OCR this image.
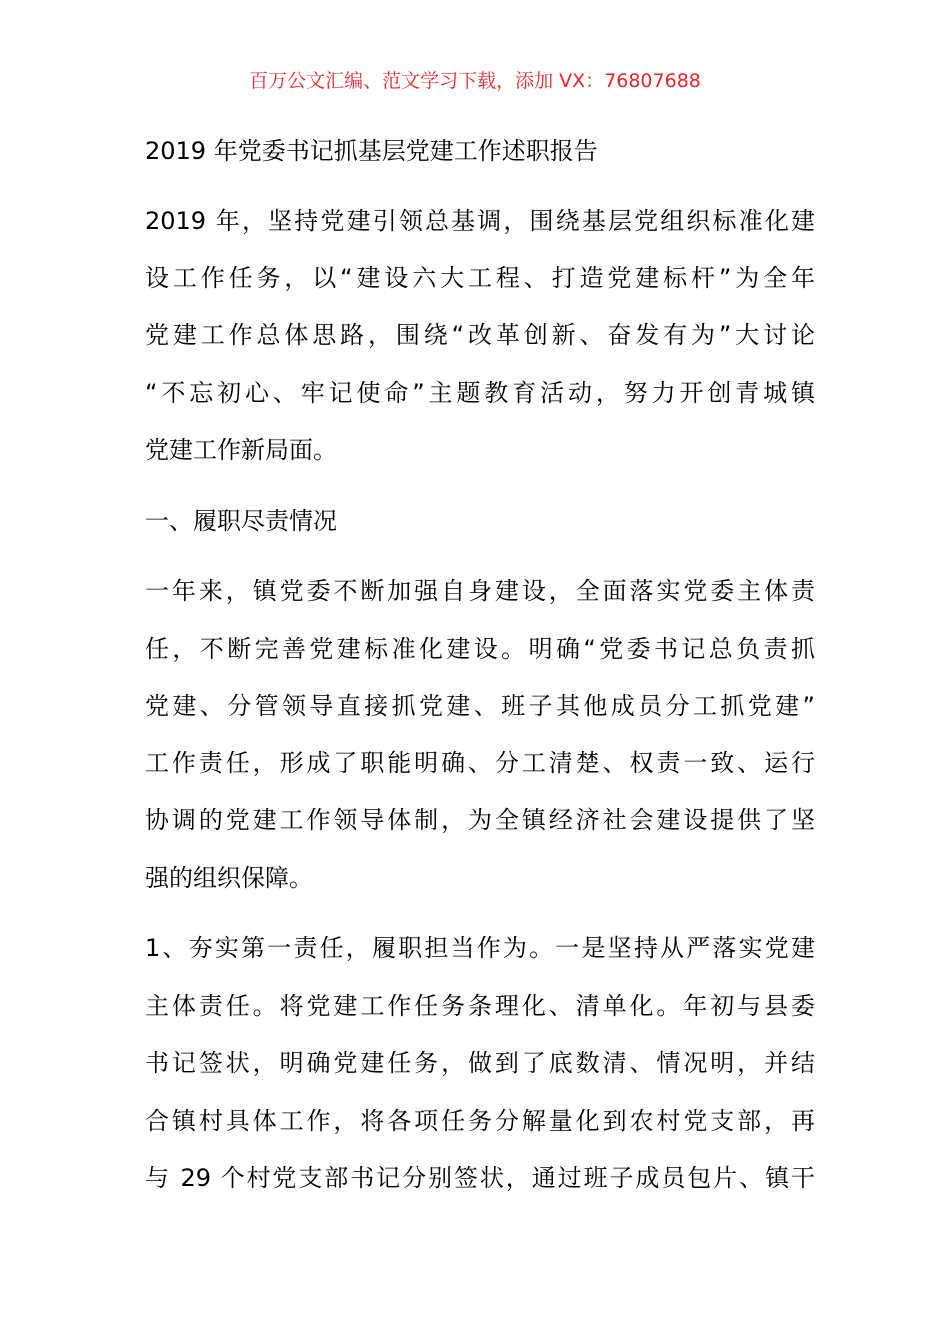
百万公文汇编、范文学习下载，添加 VX：76807688
2019 年党委书记抓基层党建工作述职报告
2019 年，坚持党建引领总基调，围绕基层党组织标准化建
设工作任务，以“建设六大工程、打造党建标杆”为全年
党建工作总体思路，围绕“改革创新、奋发有为”大讨论
“不忘初心、牢记使命”主题教育活动，努力开创青城镇
党建工作新局面。
一、履职尽责情况
一年来，镇党委不断加强自身建设，全面落实党委主体责
任，不断完善党建标准化建设。明确“党委书记总负责抓
党建、分管领导直接抓党建、班子其他成员分工抓党建”
工作责任，形成了职能明确、分工清楚、权责一致、运行
协调的党建工作领导体制，为全镇经济社会建设提供了坚
强的组织保障。
1、夯实第一责任，履职担当作为。一是坚持从严落实党建
主体责任。将党建工作任务条理化、清单化。年初与县委
书记签状，明确党建任务，做到了底数清、情况明，并结
合镇村具体工作，将各项任务分解量化到农村党支部，再
与 29 个村党支部书记分别签状，通过班子成员包片、镇干
